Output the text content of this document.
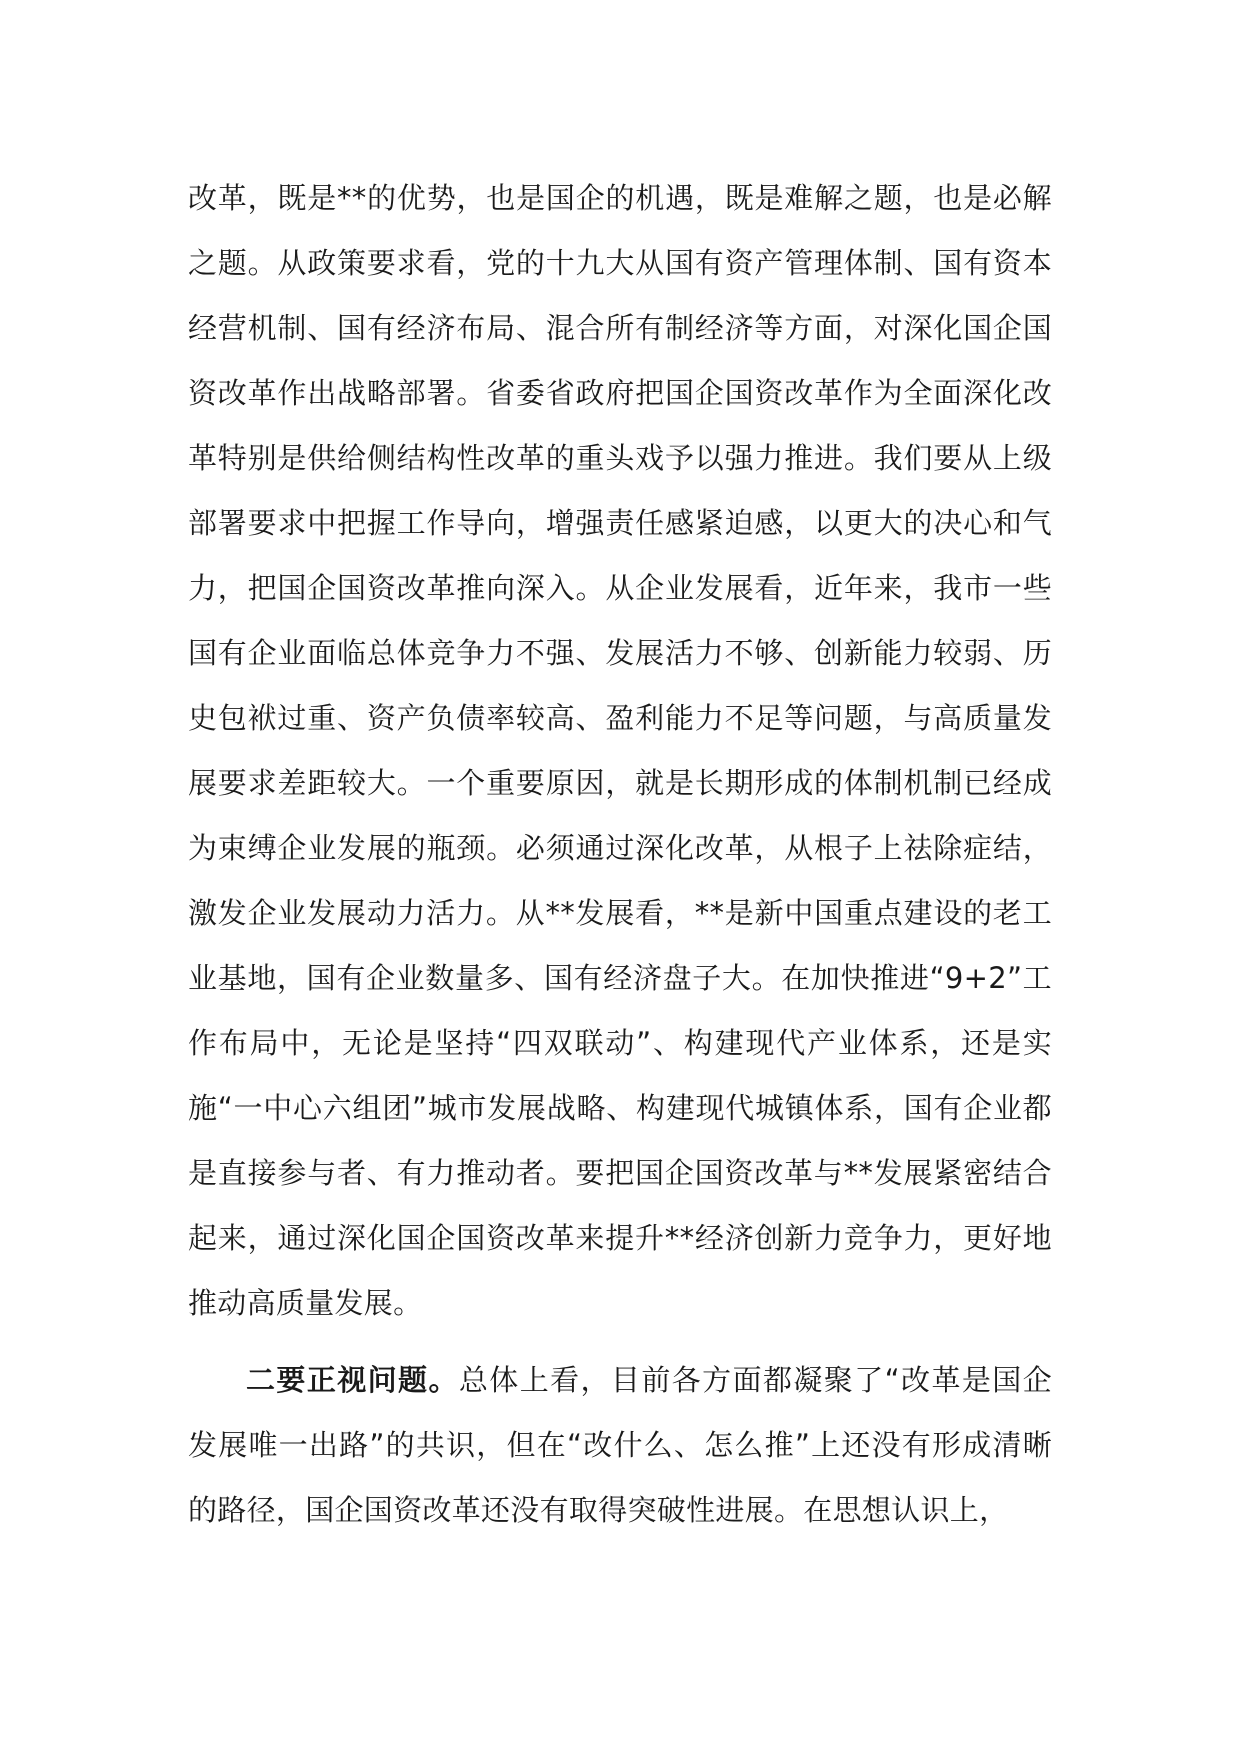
改革，既是**的优势，也是国企的机遇，既是难解之题，也是必解之题。从政策要求看，党的十九大从国有资产管理体制、国有资本经营机制、国有经济布局、混合所有制经济等方面，对深化国企国资改革作出战略部署。省委省政府把国企国资改革作为全面深化改革特别是供给侧结构性改革的重头戏予以强力推进。我们要从上级部署要求中把握工作导向，增强责任感紧迫感，以更大的决心和气力，把国企国资改革推向深入。从企业发展看，近年来，我市一些国有企业面临总体竞争力不强、发展活力不够、创新能力较弱、历史包袱过重、资产负债率较高、盈利能力不足等问题，与高质量发展要求差距较大。一个重要原因，就是长期形成的体制机制已经成为束缚企业发展的瓶颈。必须通过深化改革，从根子上祛除症结，激发企业发展动力活力。从**发展看，**是新中国重点建设的老工业基地，国有企业数量多、国有经济盘子大。在加快推进“9+2”工作布局中，无论是坚持“四双联动”、构建现代产业体系，还是实施“一中心六组团”城市发展战略、构建现代城镇体系，国有企业都是直接参与者、有力推动者。要把国企国资改革与**发展紧密结合起来，通过深化国企国资改革来提升**经济创新力竞争力，更好地推动高质量发展。

二要正视问题。总体上看，目前各方面都凝聚了“改革是国企发展唯一出路”的共识，但在“改什么、怎么推”上还没有形成清晰的路径，国企国资改革还没有取得突破性进展。在思想认识上，
